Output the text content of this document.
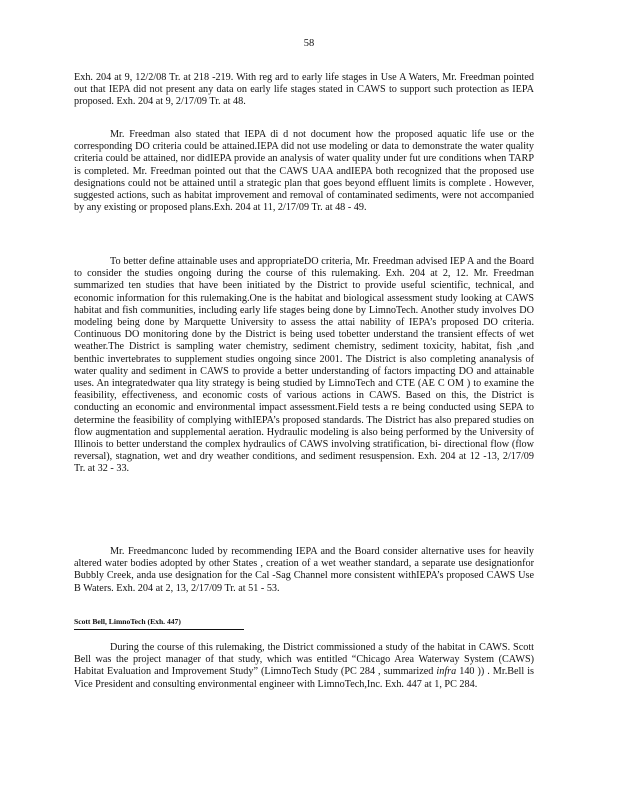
58

Exh. 204 at 9, 12/2/08 Tr. at 218 -219. With reg ard to early life stages in Use A Waters, Mr. Freedman pointed out that IEPA did not present any data on early life stages stated in CAWS to support such protection as IEPA proposed. Exh. 204 at 9, 2/17/09 Tr. at 48.

Mr. Freedman also stated that IEPA di d not document how the proposed aquatic life use or the corresponding DO criteria could be attained.IEPA did not use modeling or data to demonstrate the water quality criteria could be attained, nor didIEPA provide an analysis of water quality under fut ure conditions when TARP is completed. Mr. Freedman pointed out that the CAWS UAA andIEPA both recognized that the proposed use designations could not be attained until a strategic plan that goes beyond effluent limits is complete . However, suggested actions, such as habitat improvement and removal of contaminated sediments, were not accompanied by any existing or proposed plans.Exh. 204 at 11, 2/17/09 Tr. at 48 - 49.

To better define attainable uses and appropriateDO criteria, Mr. Freedman advised IEP A and the Board to consider the studies ongoing during the course of this rulemaking. Exh. 204 at 2, 12. Mr. Freedman summarized ten studies that have been initiated by the District to provide useful scientific, technical, and economic information for this rulemaking.One is the habitat and biological assessment study looking at CAWS habitat and fish communities, including early life stages being done by LimnoTech. Another study involves DO modeling being done by Marquette University to assess the attai nability of IEPA’s proposed DO criteria. Continuous DO monitoring done by the District is being used tobetter understand the transient effects of wet weather.The District is sampling water chemistry, sediment chemistry, sediment toxicity, habitat, fish ,and benthic invertebrates to supplement studies ongoing since 2001. The District is also completing ananalysis of water quality and sediment in CAWS to provide a better understanding of factors impacting DO and attainable uses. An integratedwater qua lity strategy is being studied by LimnoTech and CTE (AE C OM ) to examine the feasibility, effectiveness, and economic costs of various actions in CAWS. Based on this, the District is conducting an economic and environmental impact assessment.Field tests a re being conducted using SEPA to determine the feasibility of complying withIEPA’s proposed standards. The District has also prepared studies on flow augmentation and supplemental aeration. Hydraulic modeling is also being performed by the University of Illinois to better understand the complex hydraulics of CAWS involving stratification, bi- directional flow (flow reversal), stagnation, wet and dry weather conditions, and sediment resuspension. Exh. 204 at 12 -13, 2/17/09 Tr. at 32 - 33.

Mr. Freedmanconc luded by recommending IEPA and the Board consider alternative uses for heavily altered water bodies adopted by other States , creation of a wet weather standard, a separate use designationfor Bubbly Creek, anda use designation for the Cal -Sag Channel more consistent withIEPA’s proposed CAWS Use B Waters. Exh. 204 at 2, 13, 2/17/09 Tr. at 51 - 53.

Scott Bell, LimnoTech (Exh. 447)

During the course of this rulemaking, the District commissioned a study of the habitat in CAWS. Scott Bell was the project manager of that study, which was entitled “Chicago Area Waterway System (CAWS) Habitat Evaluation and Improvement Study” (LimnoTech Study (PC 284 , summarized infra 140 )) . Mr.Bell is Vice President and consulting environmental engineer with LimnoTech,Inc. Exh. 447 at 1, PC 284.
